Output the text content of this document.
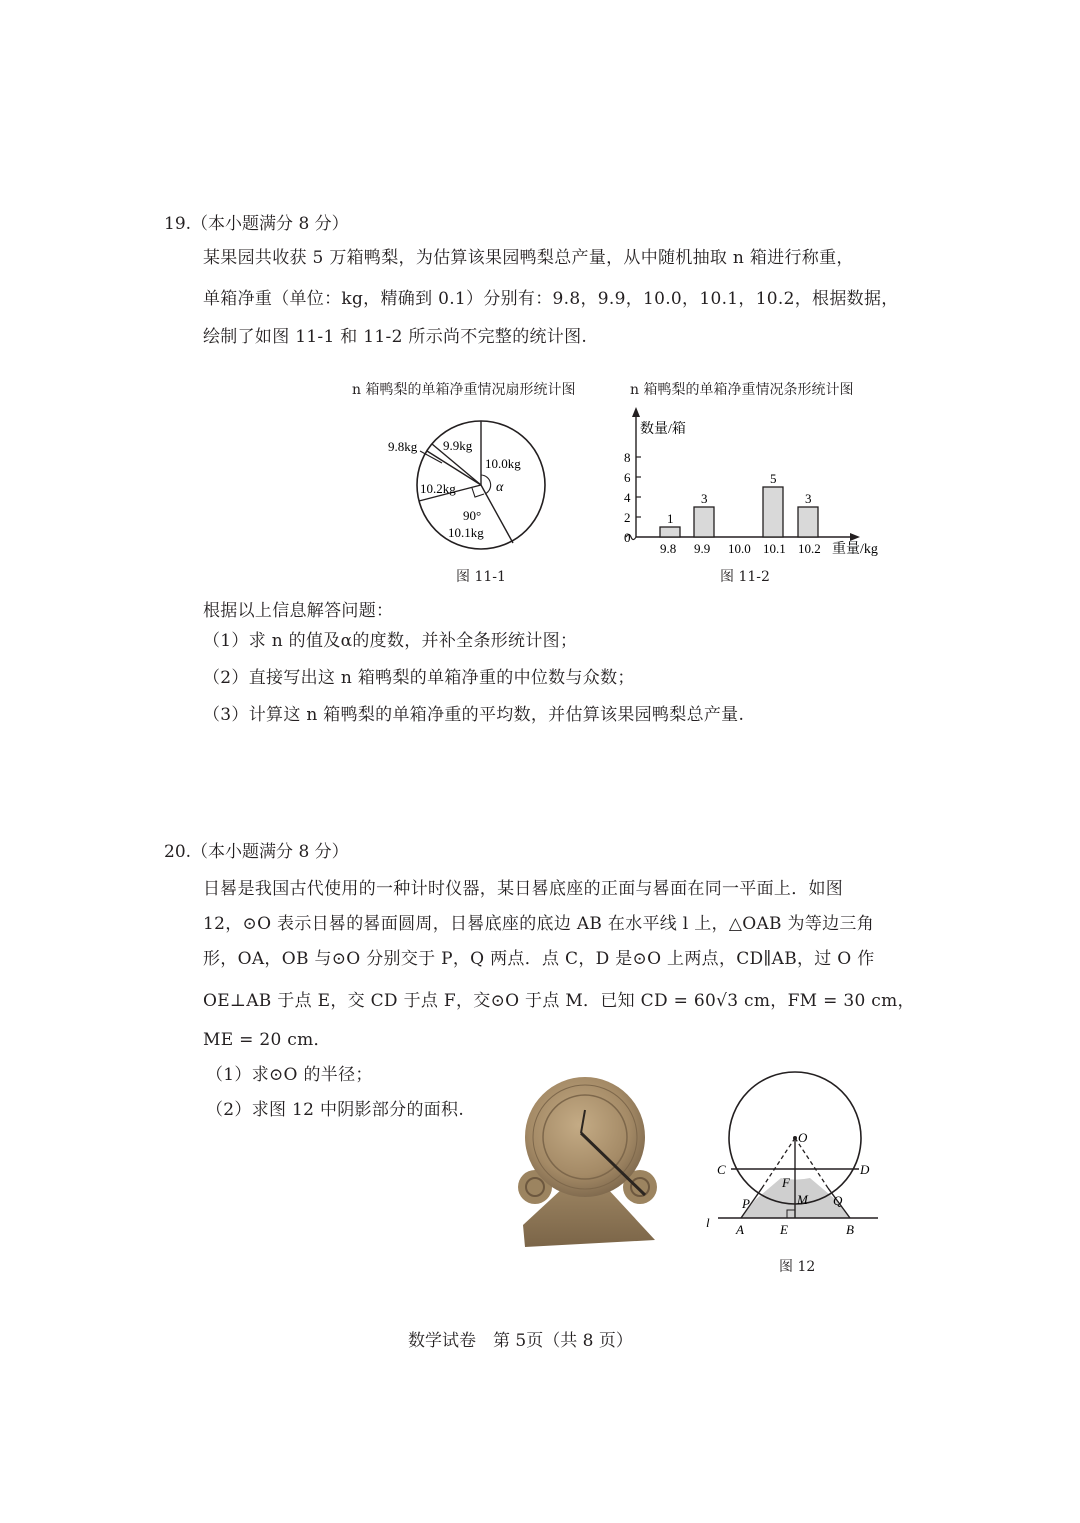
19.（本小题满分 8 分）
某果园共收获 5 万箱鸭梨，为估算该果园鸭梨总产量，从中随机抽取 n 箱进行称重，
单箱净重（单位：kg，精确到 0.1）分别有：9.8，9.9，10.0，10.1，10.2，根据数据，
绘制了如图 11-1 和 11-2 所示尚不完整的统计图.
n 箱鸭梨的单箱净重情况扇形统计图	n 箱鸭梨的单箱净重情况条形统计图
9.8kg 9.9kg
10.0kg
α
10.2kg
90°
10.1kg
数量/箱
重量/kg
0
2
4
6
8
9.8
1
9.9
3
10.0 10.1
5
10.2
3
图 11-1	图 11-2
根据以上信息解答问题：
（1）求 n 的值及α的度数，并补全条形统计图；
（2）直接写出这 n 箱鸭梨的单箱净重的中位数与众数；
（3）计算这 n 箱鸭梨的单箱净重的平均数，并估算该果园鸭梨总产量.
20.（本小题满分 8 分）
日晷是我国古代使用的一种计时仪器，某日晷底座的正面与晷面在同一平面上．如图
12，⊙O 表示日晷的晷面圆周，日晷底座的底边 AB 在水平线 l 上，△OAB 为等边三角
形，OA，OB 与⊙O 分别交于 P，Q 两点．点 C，D 是⊙O 上两点，CD∥AB，过 O 作
OE⊥AB 于点 E，交 CD 于点 F，交⊙O 于点 M．已知 CD = 60√3 cm，FM = 30 cm，
ME = 20 cm．
（1）求⊙O 的半径；
（2）求图 12 中阴影部分的面积.
O
C	D
F
P	M Q
l A	E	B
图 12
数学试卷　第 5页（共 8 页）
